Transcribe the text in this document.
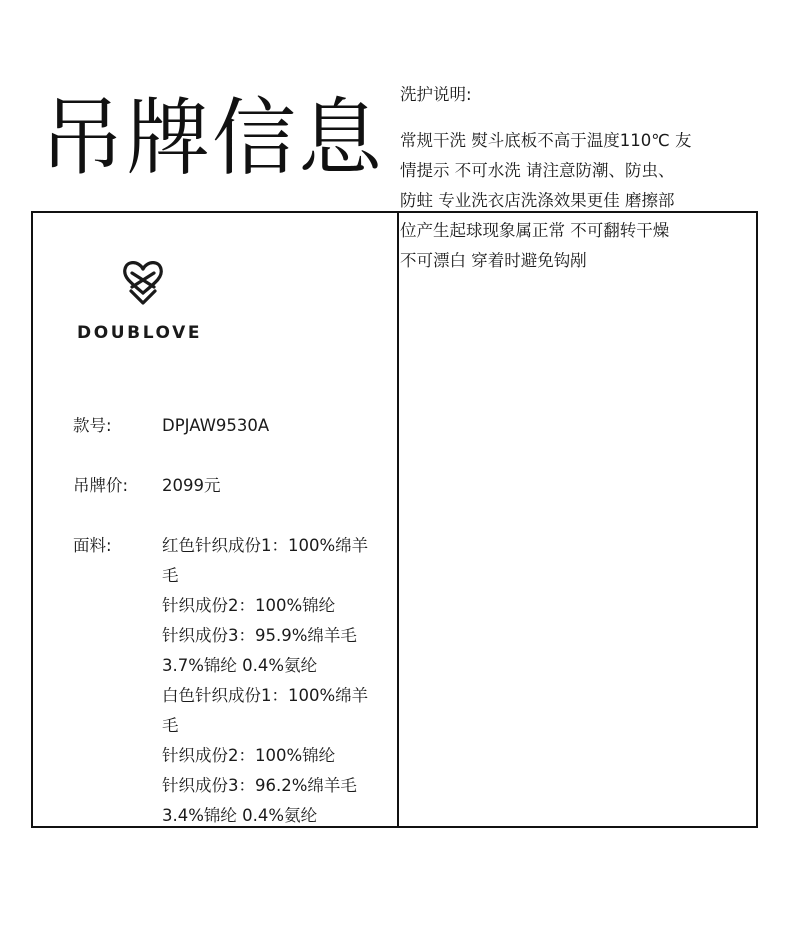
吊牌信息
DOUBLOVE
款号:	DPJAW9530A
吊牌价: 2099元
面料:	红色针织成份1：100%绵羊
毛
针织成份2：100%锦纶
针织成份3：95.9%绵羊毛
3.7%锦纶 0.4%氨纶
白色针织成份1：100%绵羊
毛
针织成份2：100%锦纶
针织成份3：96.2%绵羊毛
3.4%锦纶 0.4%氨纶
洗护说明:
常规干洗 熨斗底板不高于温度110℃ 友
情提示 不可水洗 请注意防潮、防虫、
防蛀 专业洗衣店洗涤效果更佳 磨擦部
位产生起球现象属正常 不可翻转干燥
不可漂白 穿着时避免钩剐
